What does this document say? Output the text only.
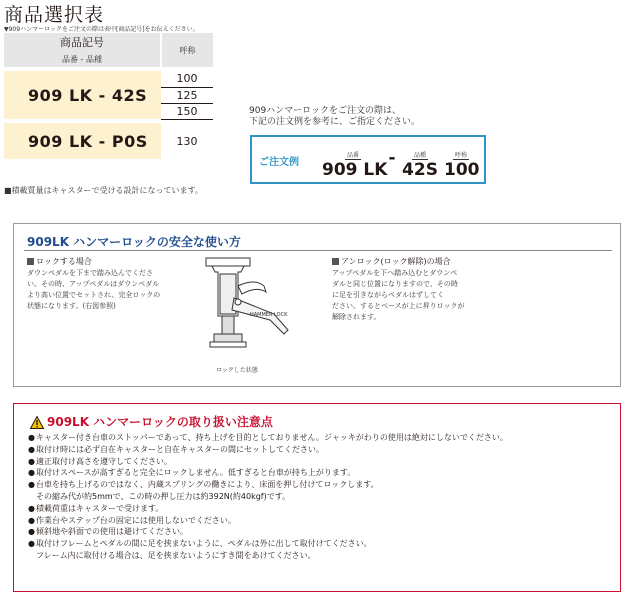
商品選択表
▼909ハンマーロックをご注文の際は表中[商品記号]をお伝えください。
商品記号	呼称
品番 - 品種	

909 LK - 42S	100
	125
	150

909 LK - P0S	130
■積載質量はキャスターで受ける設計になっています。
909ハンマーロックをご注文の際は、
下記の注文例を参考に、ご指定ください。
ご注文例
品番
909 LK
-	品種
42S
呼称
100
909LK ハンマーロックの安全な使い方
ロックする場合
ダウンペダルを下まで踏み込んでくださ
い。その時、アップペダルはダウンペダル
より高い位置でセットされ、完全ロックの
状態になります。(右図参照)
HAMMER LOCK
ロックした状態
アンロック(ロック解除)の場合
アップペダルを下へ踏み込むとダウンペ
ダルと同じ位置になりますので、その時
に足を引きながらペダルはずしてく
ださい。するとベースが上に昇りロックが
解除されます。
909LK ハンマーロックの取り扱い注意点
●キャスター付き台車のストッパーであって、持ち上げを目的としておりません。ジャッキがわりの使用は絶対にしないでください。
●取付け時には必ず自在キャスターと自在キャスターの間にセットしてください。
●適正取付け高さを遵守してください。
●取付けスペースが高すぎると完全にロックしません。低すぎると台車が持ち上がります。
●台車を持ち上げるのではなく、内蔵スプリングの働きにより、床面を押し付けてロックします。
その縮み代が約5mmで、この時の押し圧力は約392N(約40kgf)です。
●積載荷重はキャスターで受けます。
●作業台やステップ台の固定には使用しないでください。
●傾斜地や斜面での使用は避けてください。
●取付けフレームとペダルの間に足を挟まないように、ペダルは外に出して取付けてください。
フレーム内に取付ける場合は、足を挟まないようにすき間をあけてください。
